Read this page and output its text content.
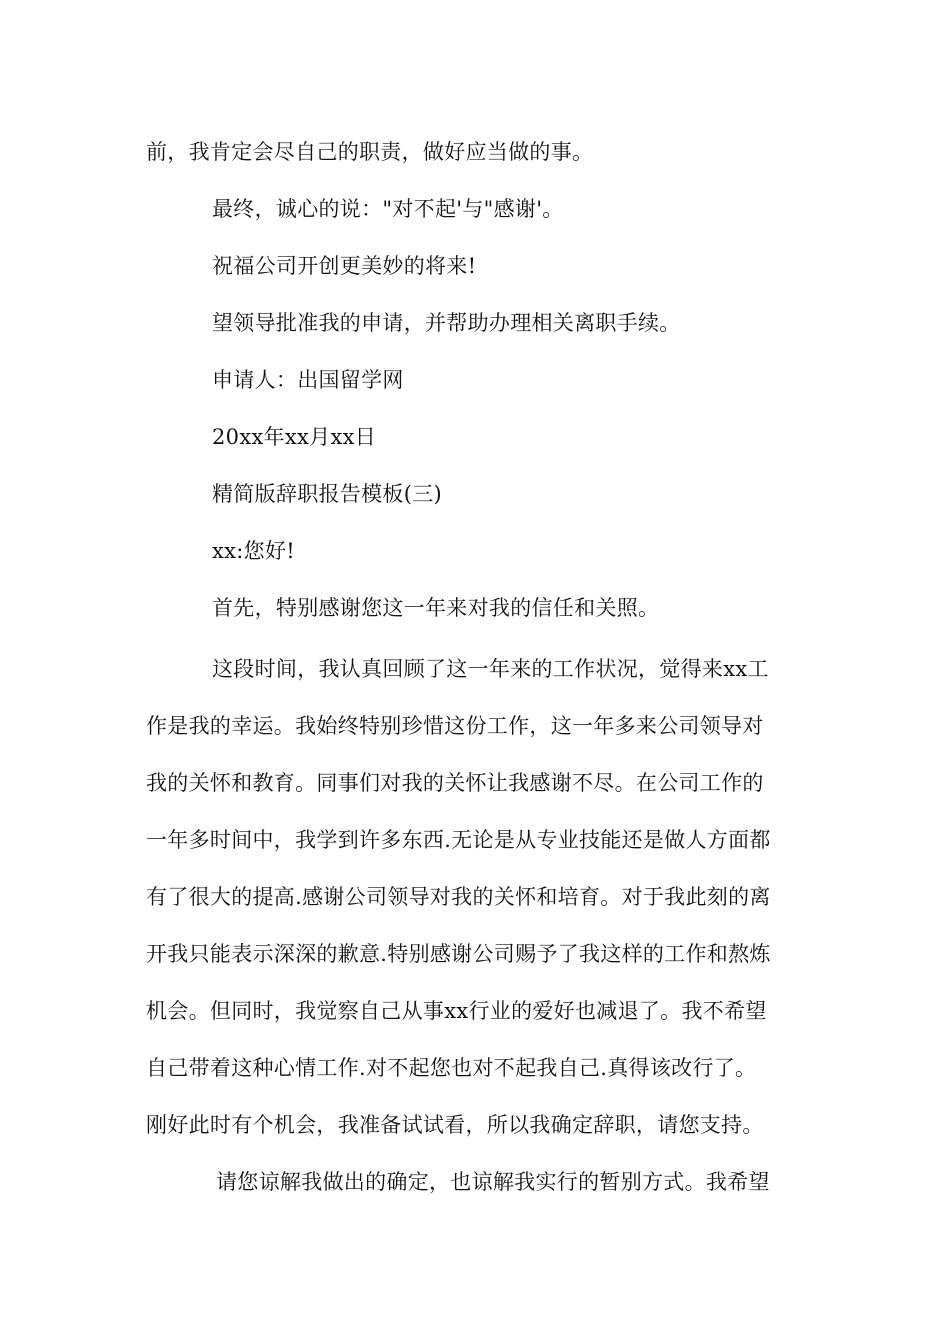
前，我肯定会尽自己的职责，做好应当做的事。
最终，诚心的说："对不起'与"感谢'。
祝福公司开创更美妙的将来!
望领导批准我的申请，并帮助办理相关离职手续。
申请人：出国留学网
20xx年xx月xx日
精简版辞职报告模板(三)
xx:您好!
首先，特别感谢您这一年来对我的信任和关照。
这段时间，我认真回顾了这一年来的工作状况，觉得来xx工
作是我的幸运。我始终特别珍惜这份工作，这一年多来公司领导对
我的关怀和教育。同事们对我的关怀让我感谢不尽。在公司工作的
一年多时间中，我学到许多东西.无论是从专业技能还是做人方面都
有了很大的提高.感谢公司领导对我的关怀和培育。对于我此刻的离
开我只能表示深深的歉意.特别感谢公司赐予了我这样的工作和熬炼
机会。但同时，我觉察自己从事xx行业的爱好也减退了。我不希望
自己带着这种心情工作.对不起您也对不起我自己.真得该改行了。
刚好此时有个机会，我准备试试看，所以我确定辞职，请您支持。
请您谅解我做出的确定，也谅解我实行的暂别方式。我希望
